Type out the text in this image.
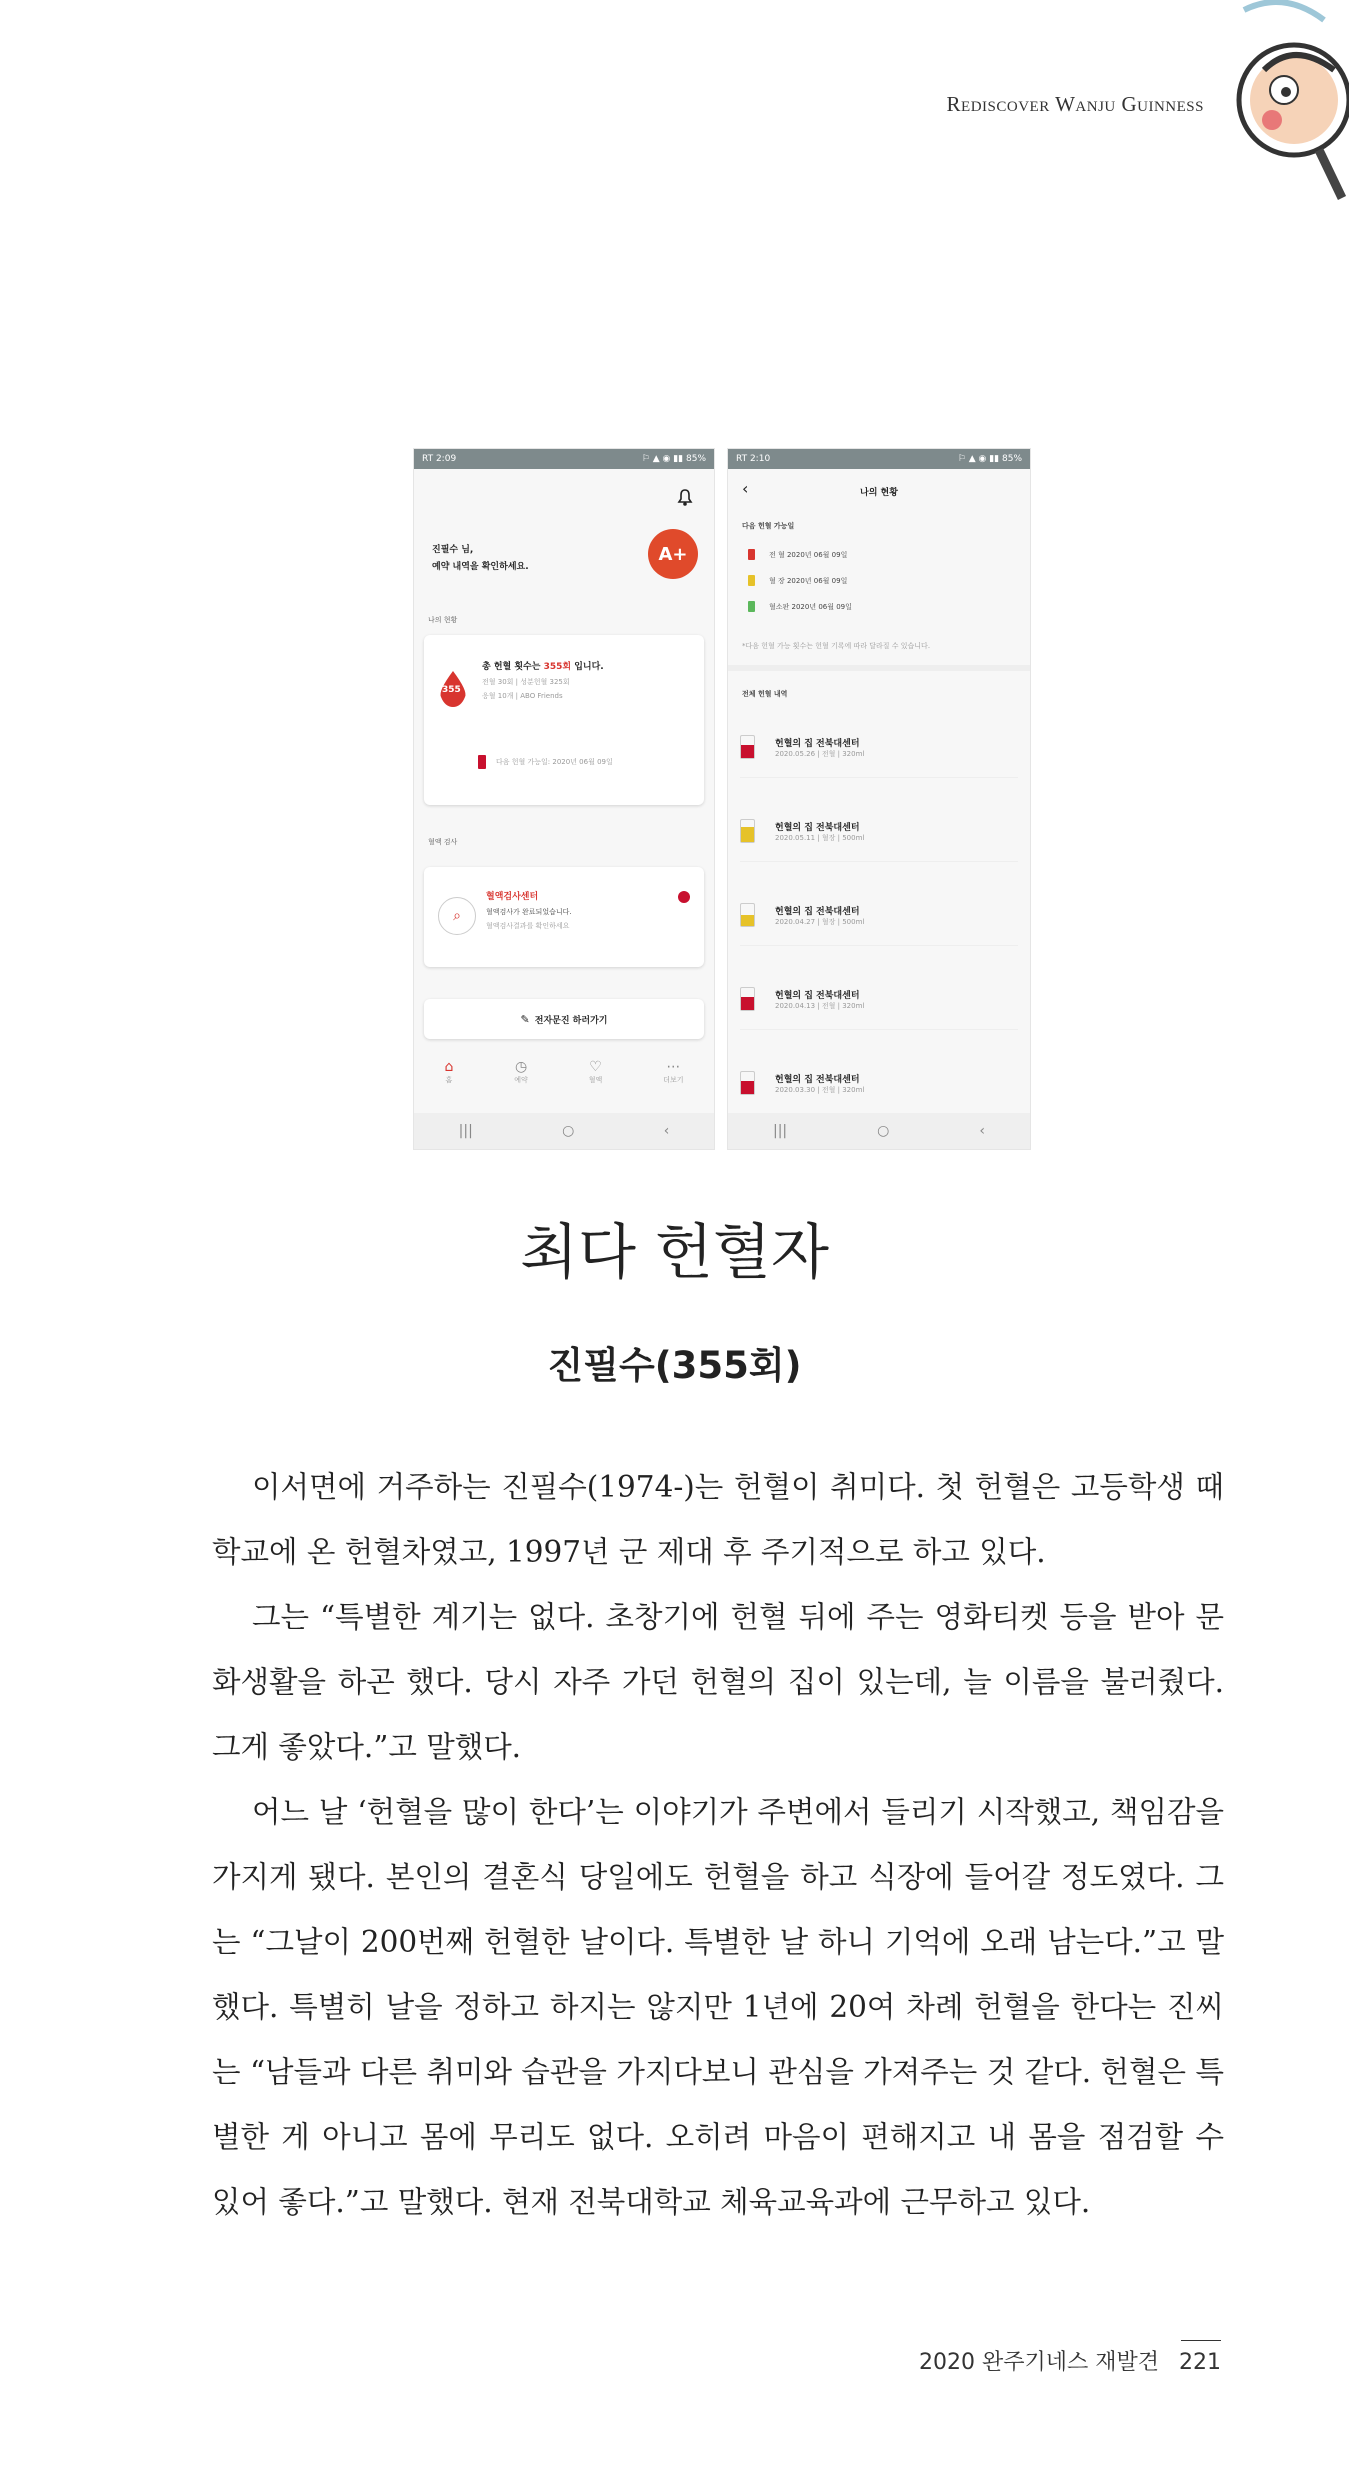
Rediscover Wanju Guinness
RT 2:09	⚐ ▲ ◉ ▮▮ 85%
진필수 님,
예약 내역을 확인하세요.
A+
나의 현황
355
총 헌혈 횟수는 355회 입니다.
전혈 30회 | 성분헌혈 325회
응혈 10개 | ABO Friends
다음 헌혈 가능일: 2020년 06월 09일
혈액 검사
⌕
혈액검사센터
혈액검사가 완료되었습니다.
혈액검사결과를 확인하세요
✎ 전자문진 하러가기
⌂
홈
◷
예약
♡
혈액
⋯
더보기
|||	○	‹
RT 2:10	⚐ ▲ ◉ ▮▮ 85%
‹	나의 현황
다음 헌혈 가능일
전 혈 2020년 06월 09일
혈 장 2020년 06월 09일
혈소판 2020년 06월 09일
*다음 헌혈 가능 횟수는 헌혈 기록에 따라 달라질 수 있습니다.
전체 헌혈 내역
헌혈의 집 전북대센터
2020.05.26 | 전혈 | 320ml
헌혈의 집 전북대센터
2020.05.11 | 혈장 | 500ml
헌혈의 집 전북대센터
2020.04.27 | 혈장 | 500ml
헌혈의 집 전북대센터
2020.04.13 | 전혈 | 320ml
헌혈의 집 전북대센터
2020.03.30 | 전혈 | 320ml
|||	○	‹
최다 헌혈자
진필수(355회)

이서면에 거주하는 진필수(1974-)는 헌혈이 취미다. 첫 헌혈은 고등학생 때 학교에 온 헌혈차였고, 1997년 군 제대 후 주기적으로 하고 있다.

그는 “특별한 계기는 없다. 초창기에 헌혈 뒤에 주는 영화티켓 등을 받아 문화생활을 하곤 했다. 당시 자주 가던 헌혈의 집이 있는데, 늘 이름을 불러줬다. 그게 좋았다.”고 말했다.

어느 날 ‘헌혈을 많이 한다’는 이야기가 주변에서 들리기 시작했고, 책임감을 가지게 됐다. 본인의 결혼식 당일에도 헌혈을 하고 식장에 들어갈 정도였다. 그는 “그날이 200번째 헌혈한 날이다. 특별한 날 하니 기억에 오래 남는다.”고 말했다. 특별히 날을 정하고 하지는 않지만 1년에 20여 차례 헌혈을 한다는 진씨는 “남들과 다른 취미와 습관을 가지다보니 관심을 가져주는 것 같다. 헌혈은 특별한 게 아니고 몸에 무리도 없다. 오히려 마음이 편해지고 내 몸을 점검할 수 있어 좋다.”고 말했다. 현재 전북대학교 체육교육과에 근무하고 있다.

2020 완주기네스 재발견 221
